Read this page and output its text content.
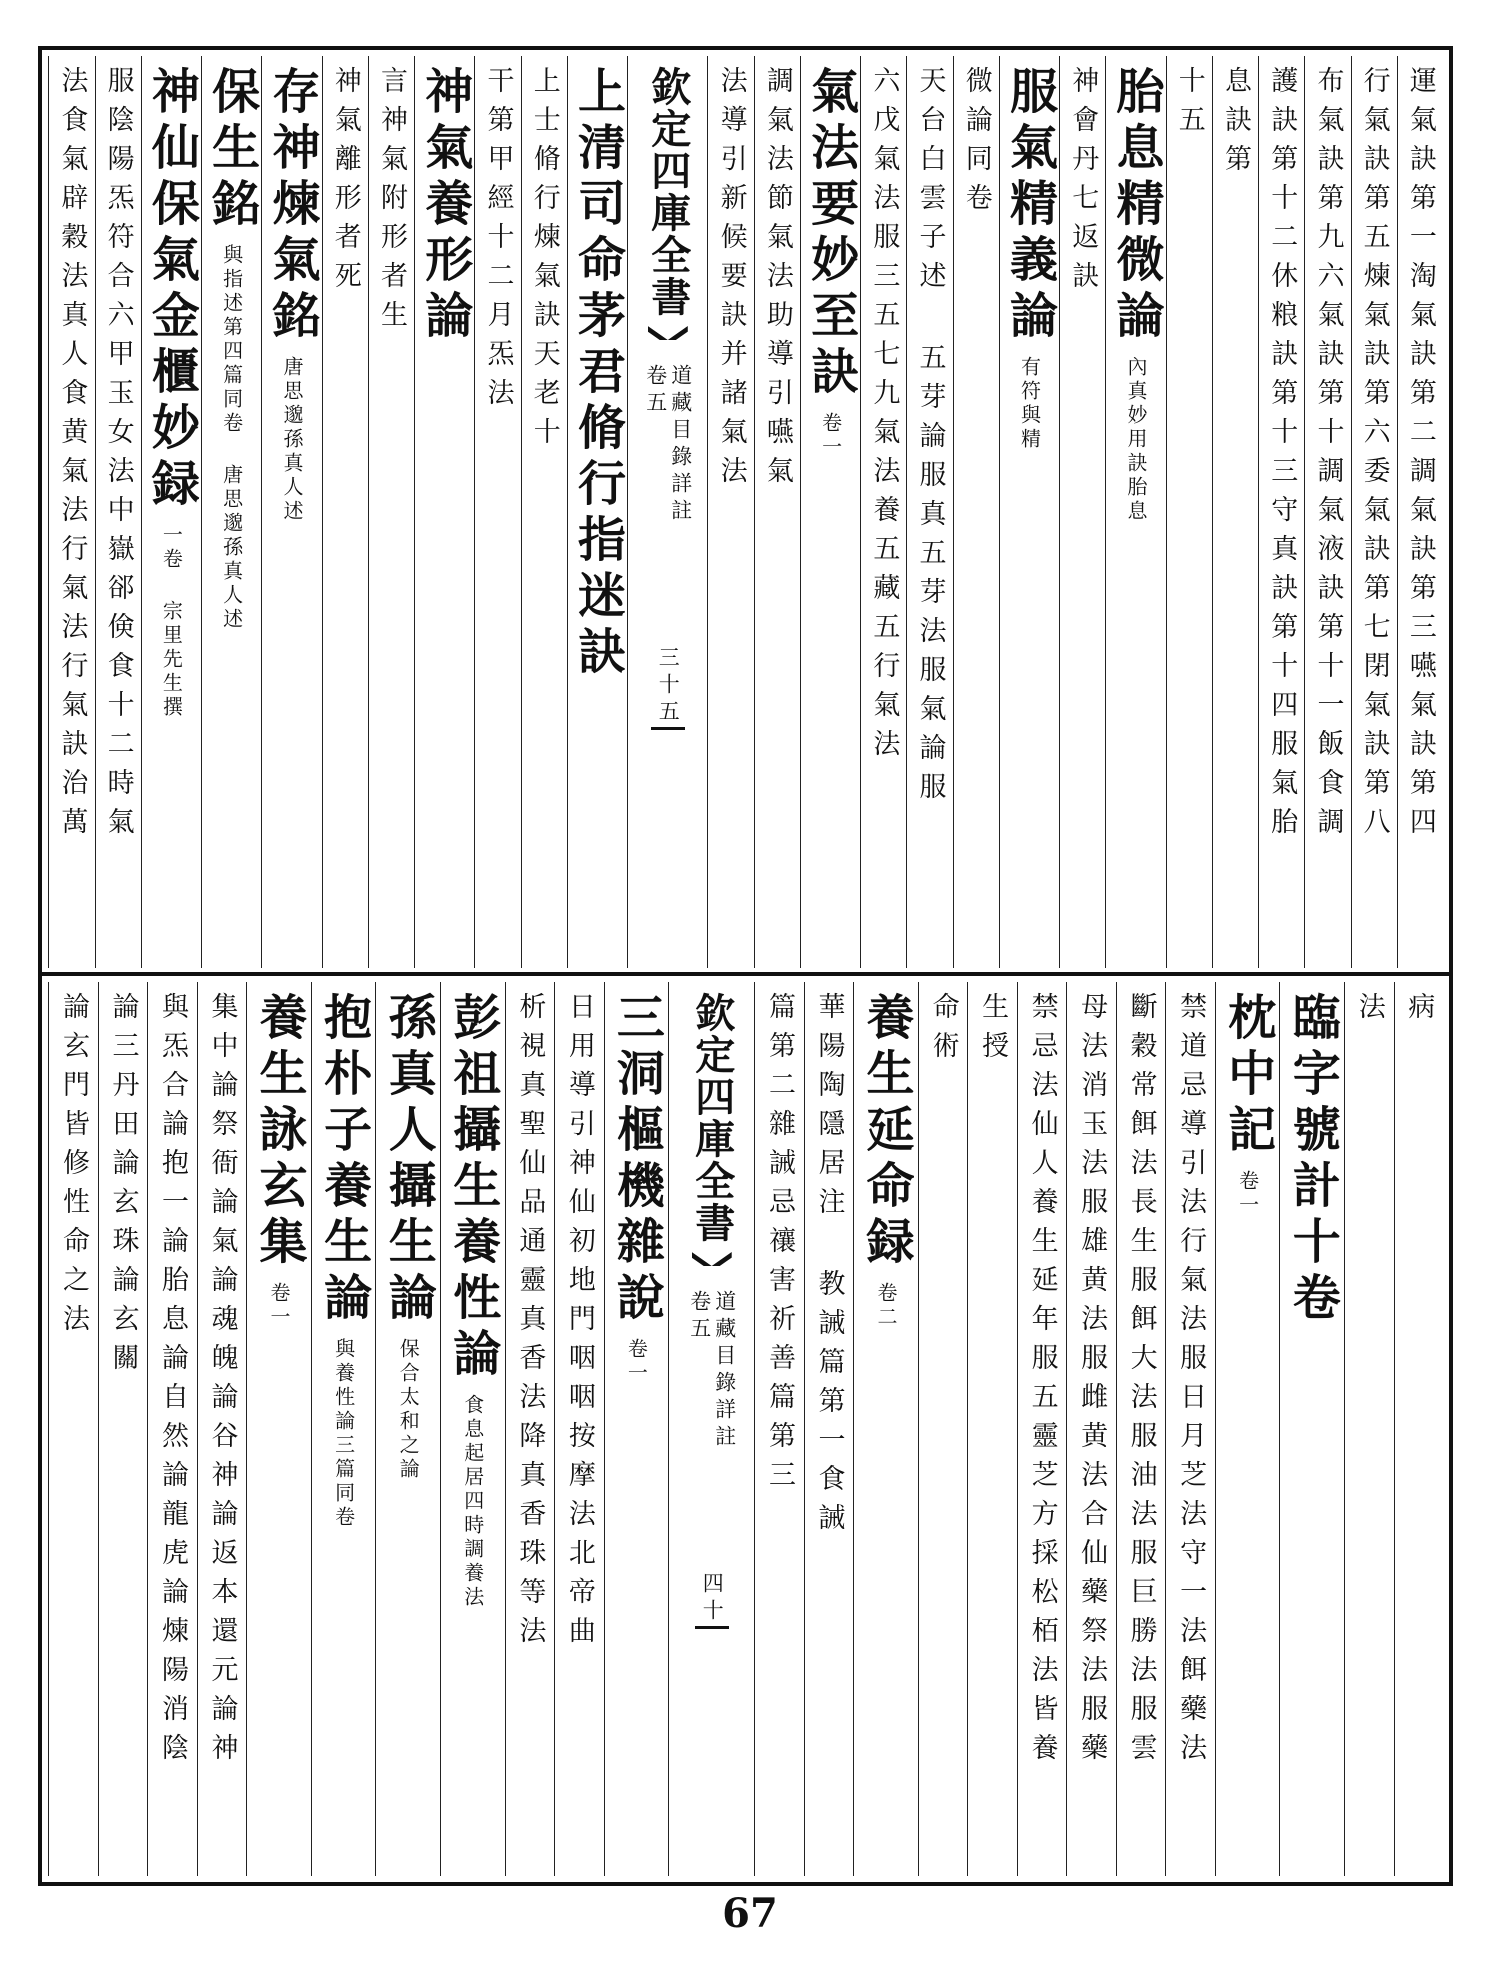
運氣訣第一淘氣訣第二調氣訣第三嚥氣訣第四
行氣訣第五煉氣訣第六委氣訣第七閉氣訣第八
布氣訣第九六氣訣第十調氣液訣第十一飯食調
護訣第十二休粮訣第十三守真訣第十四服氣胎
息訣第
十五
胎息精微論
內真妙用訣胎息
神會丹七返訣
服氣精義論
有符與精
微論同卷
天台白雲子述 五芽論服真五芽法服氣論服
六戊氣法服三五七九氣法養五藏五行氣法
氣法要妙至訣
卷一
調氣法節氣法助導引嚥氣
法導引新候要訣并諸氣法
欽定四庫全書
道藏目錄詳註
卷五
三十五
上清司命茅君脩行指迷訣
上士脩行煉氣訣天老十
干第甲經十二月炁法
神氣養形論
言神氣附形者生
神氣離形者死
存神煉氣銘
唐思邈孫真人述
保生銘
與指述第四篇同卷 唐思邈孫真人述
神仙保氣金櫃妙録
一卷 宗里先生撰
服陰陽炁符合六甲玉女法中嶽郤倹食十二時氣
法食氣辟穀法真人食黄氣法行氣法行氣訣治萬
病
法
臨字號計十卷
枕中記
卷一
禁道忌導引法行氣法服日月芝法守一法餌藥法
斷穀常餌法長生服餌大法服油法服巨勝法服雲
母法消玉法服雄黄法服雌黄法合仙藥祭法服藥
禁忌法仙人養生延年服五靈芝方採松栢法皆養
生授
命術
養生延命録
卷二
華陽陶隱居注 教誡篇第一食誡
篇第二雜誡忌禳害祈善篇第三
欽定四庫全書
道藏目錄詳註
卷五
四十
三洞樞機雜說
卷一
日用導引神仙初地門咽咽按摩法北帝曲
析視真聖仙品通靈真香法降真香珠等法
彭祖攝生養性論
食息起居四時調養法
孫真人攝生論
保合太和之論
抱朴子養生論
與養性論三篇同卷
養生詠玄集
卷一
集中論祭衙論氣論魂魄論谷神論返本還元論神
與炁合論抱一論胎息論自然論龍虎論煉陽消陰
論三丹田論玄珠論玄關
論玄門皆修性命之法
67
